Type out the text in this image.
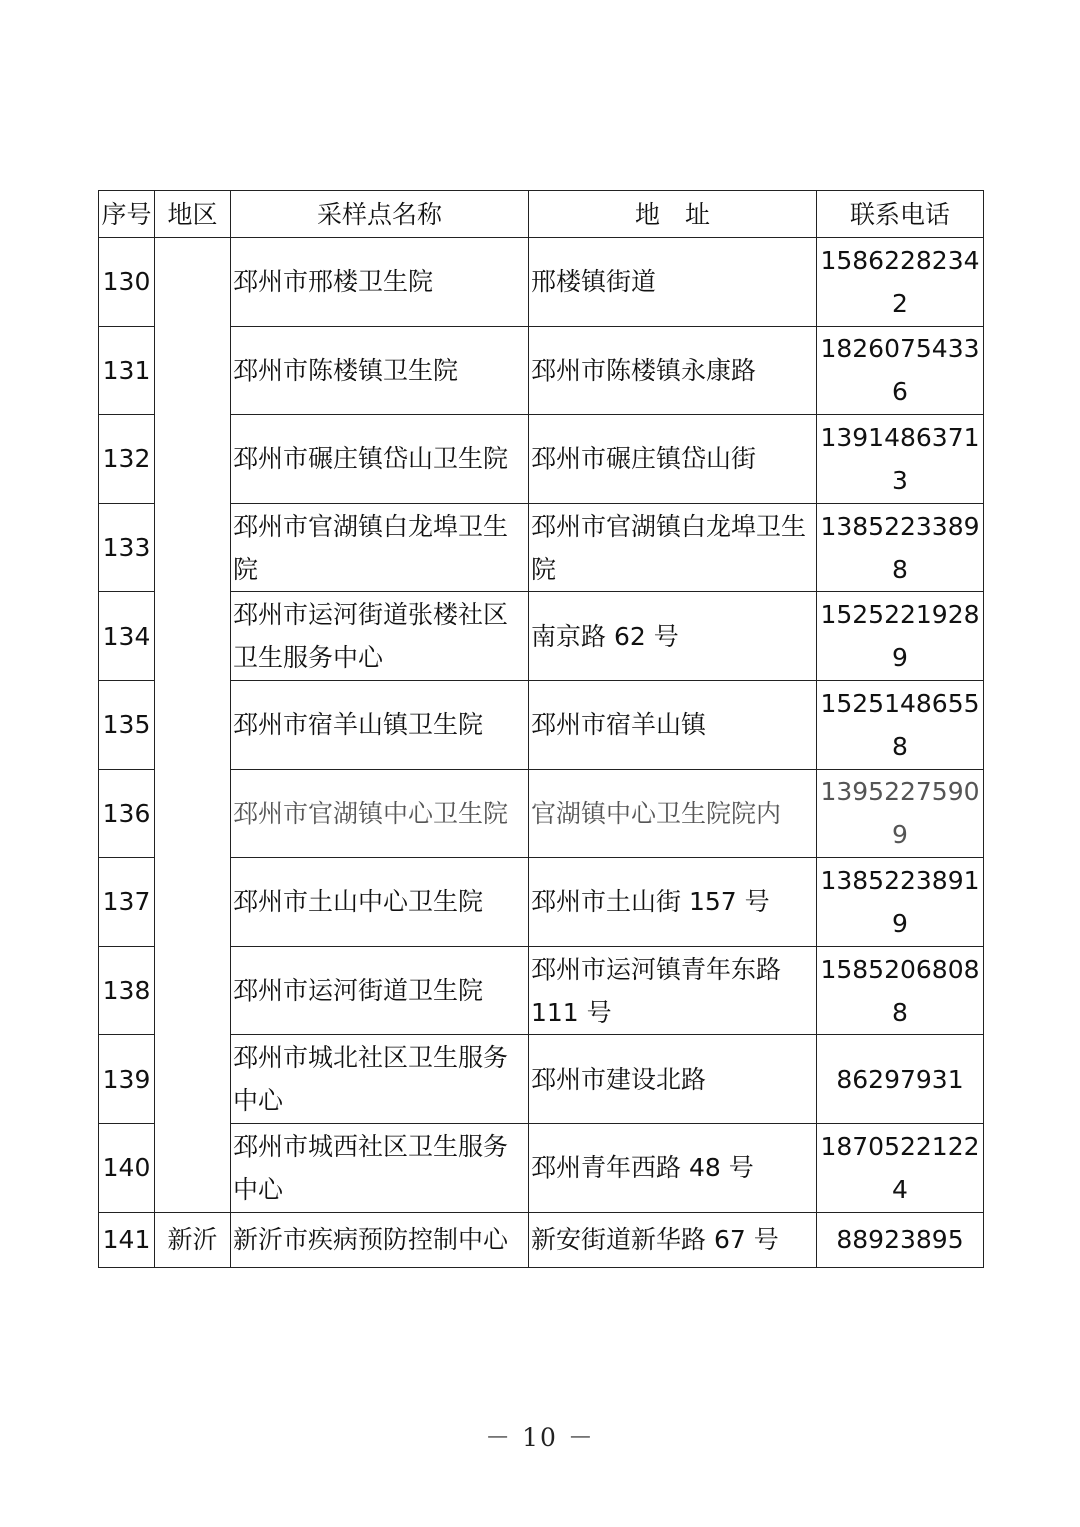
序号	地区	采样点名称	地　址	联系电话
130		邳州市邢楼卫生院	邢楼镇街道	15862282342
131		邳州市陈楼镇卫生院	邳州市陈楼镇永康路	18260754336
132		邳州市碾庄镇岱山卫生院	邳州市碾庄镇岱山街	13914863713
133		邳州市官湖镇白龙埠卫生院	邳州市官湖镇白龙埠卫生院	13852233898
134		邳州市运河街道张楼社区卫生服务中心	南京路 62 号	15252219289
135		邳州市宿羊山镇卫生院	邳州市宿羊山镇	15251486558
136		邳州市官湖镇中心卫生院	官湖镇中心卫生院院内	13952275909
137		邳州市土山中心卫生院	邳州市土山街 157 号	13852238919
138		邳州市运河街道卫生院	邳州市运河镇青年东路 111 号	15852068088
139		邳州市城北社区卫生服务中心	邳州市建设北路	86297931
140		邳州市城西社区卫生服务中心	邳州青年西路 48 号	18705221224
141	新沂	新沂市疾病预防控制中心	新安街道新华路 67 号	88923895
－ 10 －
